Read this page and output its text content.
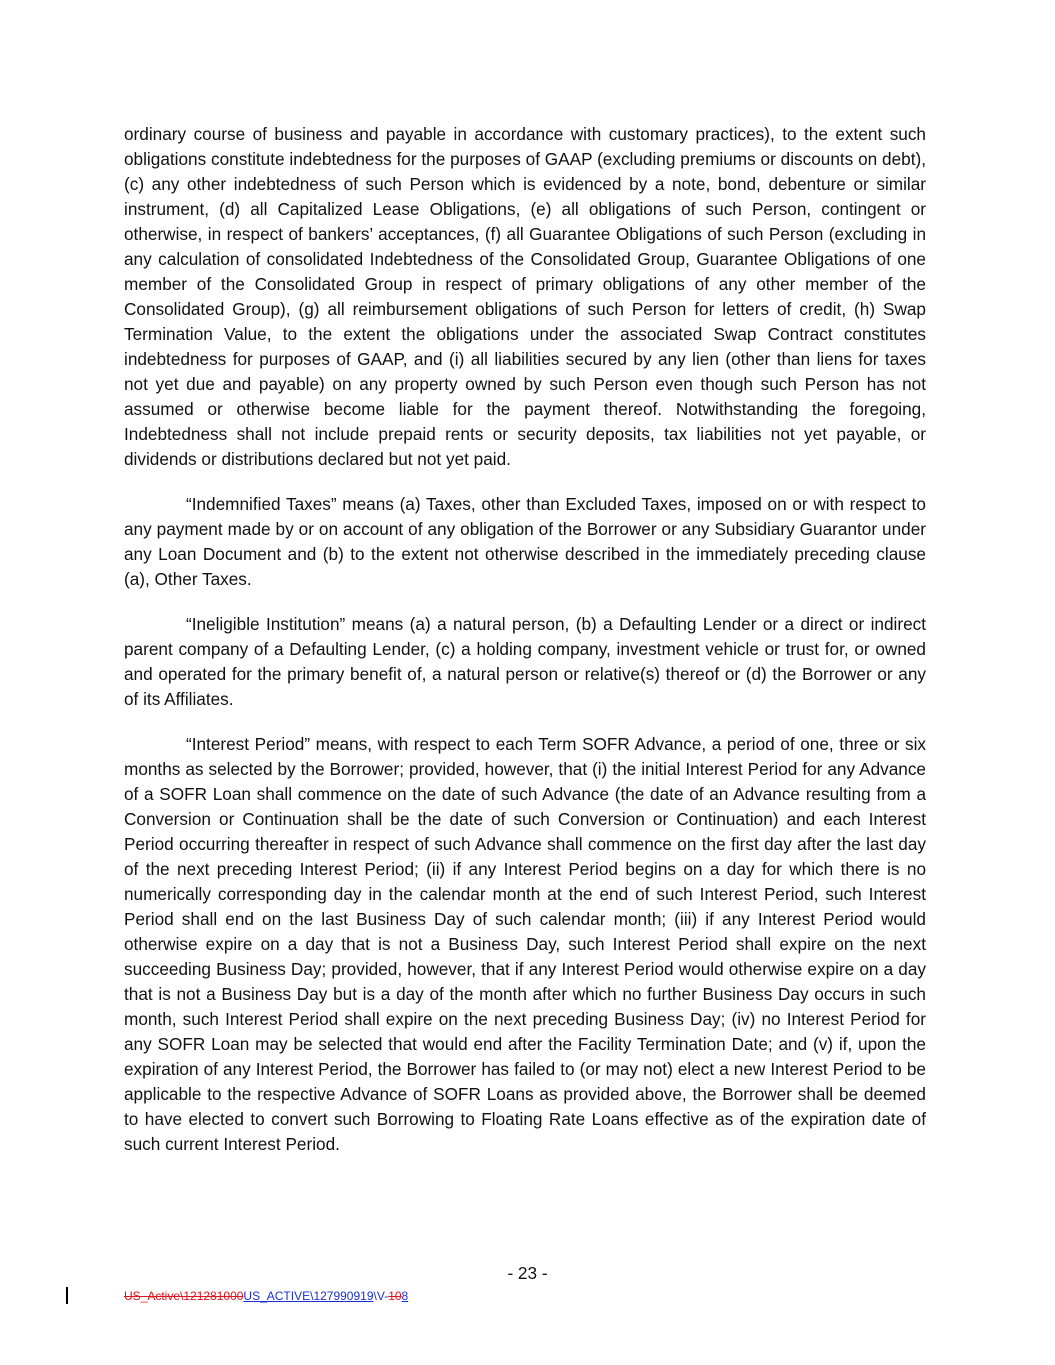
ordinary course of business and payable in accordance with customary practices), to the extent such obligations constitute indebtedness for the purposes of GAAP (excluding premiums or discounts on debt), (c) any other indebtedness of such Person which is evidenced by a note, bond, debenture or similar instrument, (d) all Capitalized Lease Obligations, (e) all obligations of such Person, contingent or otherwise, in respect of bankers’ acceptances, (f) all Guarantee Obligations of such Person (excluding in any calculation of consolidated Indebtedness of the Consolidated Group, Guarantee Obligations of one member of the Consolidated Group in respect of primary obligations of any other member of the Consolidated Group), (g) all reimbursement obligations of such Person for letters of credit, (h) Swap Termination Value, to the extent the obligations under the associated Swap Contract constitutes indebtedness for purposes of GAAP, and (i) all liabilities secured by any lien (other than liens for taxes not yet due and payable) on any property owned by such Person even though such Person has not assumed or otherwise become liable for the payment thereof. Notwithstanding the foregoing, Indebtedness shall not include prepaid rents or security deposits, tax liabilities not yet payable, or dividends or distributions declared but not yet paid.

“Indemnified Taxes” means (a) Taxes, other than Excluded Taxes, imposed on or with respect to any payment made by or on account of any obligation of the Borrower or any Subsidiary Guarantor under any Loan Document and (b) to the extent not otherwise described in the immediately preceding clause (a), Other Taxes.

“Ineligible Institution” means (a) a natural person, (b) a Defaulting Lender or a direct or indirect parent company of a Defaulting Lender, (c) a holding company, investment vehicle or trust for, or owned and operated for the primary benefit of, a natural person or relative(s) thereof or (d) the Borrower or any of its Affiliates.

“Interest Period” means, with respect to each Term SOFR Advance, a period of one, three or six months as selected by the Borrower; provided, however, that (i) the initial Interest Period for any Advance of a SOFR Loan shall commence on the date of such Advance (the date of an Advance resulting from a Conversion or Continuation shall be the date of such Conversion or Continuation) and each Interest Period occurring thereafter in respect of such Advance shall commence on the first day after the last day of the next preceding Interest Period; (ii) if any Interest Period begins on a day for which there is no numerically corresponding day in the calendar month at the end of such Interest Period, such Interest Period shall end on the last Business Day of such calendar month; (iii) if any Interest Period would otherwise expire on a day that is not a Business Day, such Interest Period shall expire on the next succeeding Business Day; provided, however, that if any Interest Period would otherwise expire on a day that is not a Business Day but is a day of the month after which no further Business Day occurs in such month, such Interest Period shall expire on the next preceding Business Day; (iv) no Interest Period for any SOFR Loan may be selected that would end after the Facility Termination Date; and (v) if, upon the expiration of any Interest Period, the Borrower has failed to (or may not) elect a new Interest Period to be applicable to the respective Advance of SOFR Loans as provided above, the Borrower shall be deemed to have elected to convert such Borrowing to Floating Rate Loans effective as of the expiration date of such current Interest Period.

- 23 -
US_Active\121281000US_ACTIVE\127990919\V-108
